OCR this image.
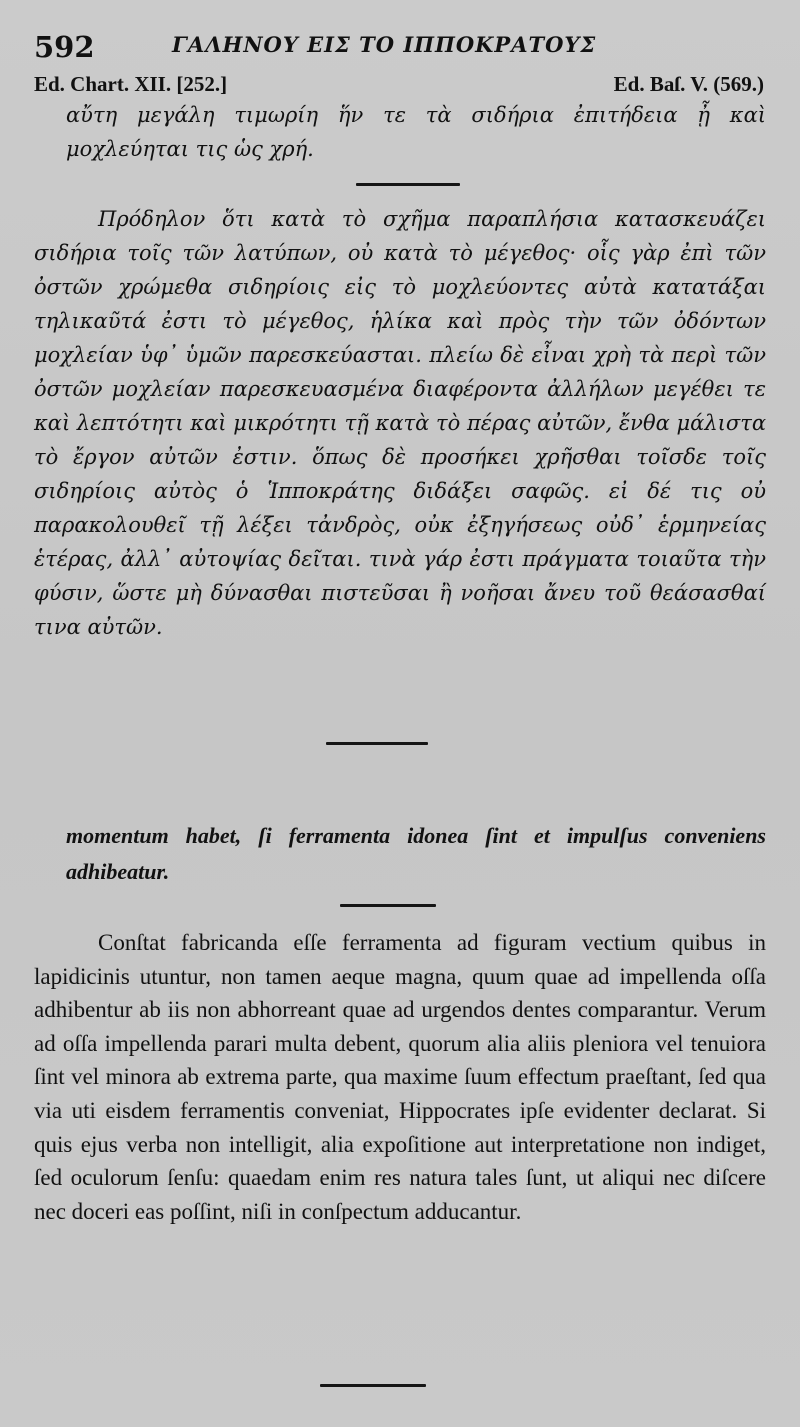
592	ΓΑΛΗΝΟΥ ΕΙΣ ΤΟ ΙΠΠΟΚΡΑΤΟΥΣ
Ed. Chart. XII. [252.]	Ed. Baſ. V. (569.)

αὔτη μεγάλη τιμωρίη ἥν τε τὰ σιδήρια ἐπιτήδεια ᾖ καὶ μοχλεύηται τις ὡς χρή.

Πρόδηλον ὅτι κατὰ τὸ σχῆμα παραπλήσια κατασκευάζει σιδήρια τοῖς τῶν λατύπων, οὐ κατὰ τὸ μέγεθος· οἷς γὰρ ἐπὶ τῶν ὀστῶν χρώμεθα σιδηρίοις εἰς τὸ μοχλεύοντες αὐτὰ κατατάξαι τηλικαῦτά ἐστι τὸ μέγεθος, ἡλίκα καὶ πρὸς τὴν τῶν ὀδόντων μοχλείαν ὑφ᾽ ὑμῶν παρεσκεύασται. πλείω δὲ εἶναι χρὴ τὰ περὶ τῶν ὀστῶν μοχλείαν παρεσκευασμένα διαφέροντα ἀλλήλων μεγέθει τε καὶ λεπτότητι καὶ μικρότητι τῇ κατὰ τὸ πέρας αὐτῶν, ἔνθα μάλιστα τὸ ἔργον αὐτῶν ἐστιν. ὅπως δὲ προσήκει χρῆσθαι τοῖσδε τοῖς σιδηρίοις αὐτὸς ὁ Ἱπποκράτης διδάξει σαφῶς. εἰ δέ τις οὐ παρακολουθεῖ τῇ λέξει τἀνδρὸς, οὐκ ἐξηγήσεως οὐδ᾽ ἑρμηνείας ἑτέρας, ἀλλ᾽ αὐτοψίας δεῖται. τινὰ γάρ ἐστι πράγματα τοιαῦτα τὴν φύσιν, ὥστε μὴ δύνασθαι πιστεῦσαι ἢ νοῆσαι ἄνευ τοῦ θεάσασθαί τινα αὐτῶν.

momentum habet, ſi ferramenta idonea ſint et impulſus conveniens adhibeatur.

Conſtat fabricanda eſſe ferramenta ad figuram vectium quibus in lapidicinis utuntur, non tamen aeque magna, quum quae ad impellenda oſſa adhibentur ab iis non abhorreant quae ad urgendos dentes comparantur. Verum ad oſſa impellenda parari multa debent, quorum alia aliis pleniora vel tenuiora ſint vel minora ab extrema parte, qua maxime ſuum effectum praeſtant, ſed qua via uti eisdem ferramentis conveniat, Hippocrates ipſe evidenter declarat. Si quis ejus verba non intelligit, alia expoſitione aut interpretatione non indiget, ſed oculorum ſenſu: quaedam enim res natura tales ſunt, ut aliqui nec diſcere nec doceri eas poſſint, niſi in conſpectum adducantur.
